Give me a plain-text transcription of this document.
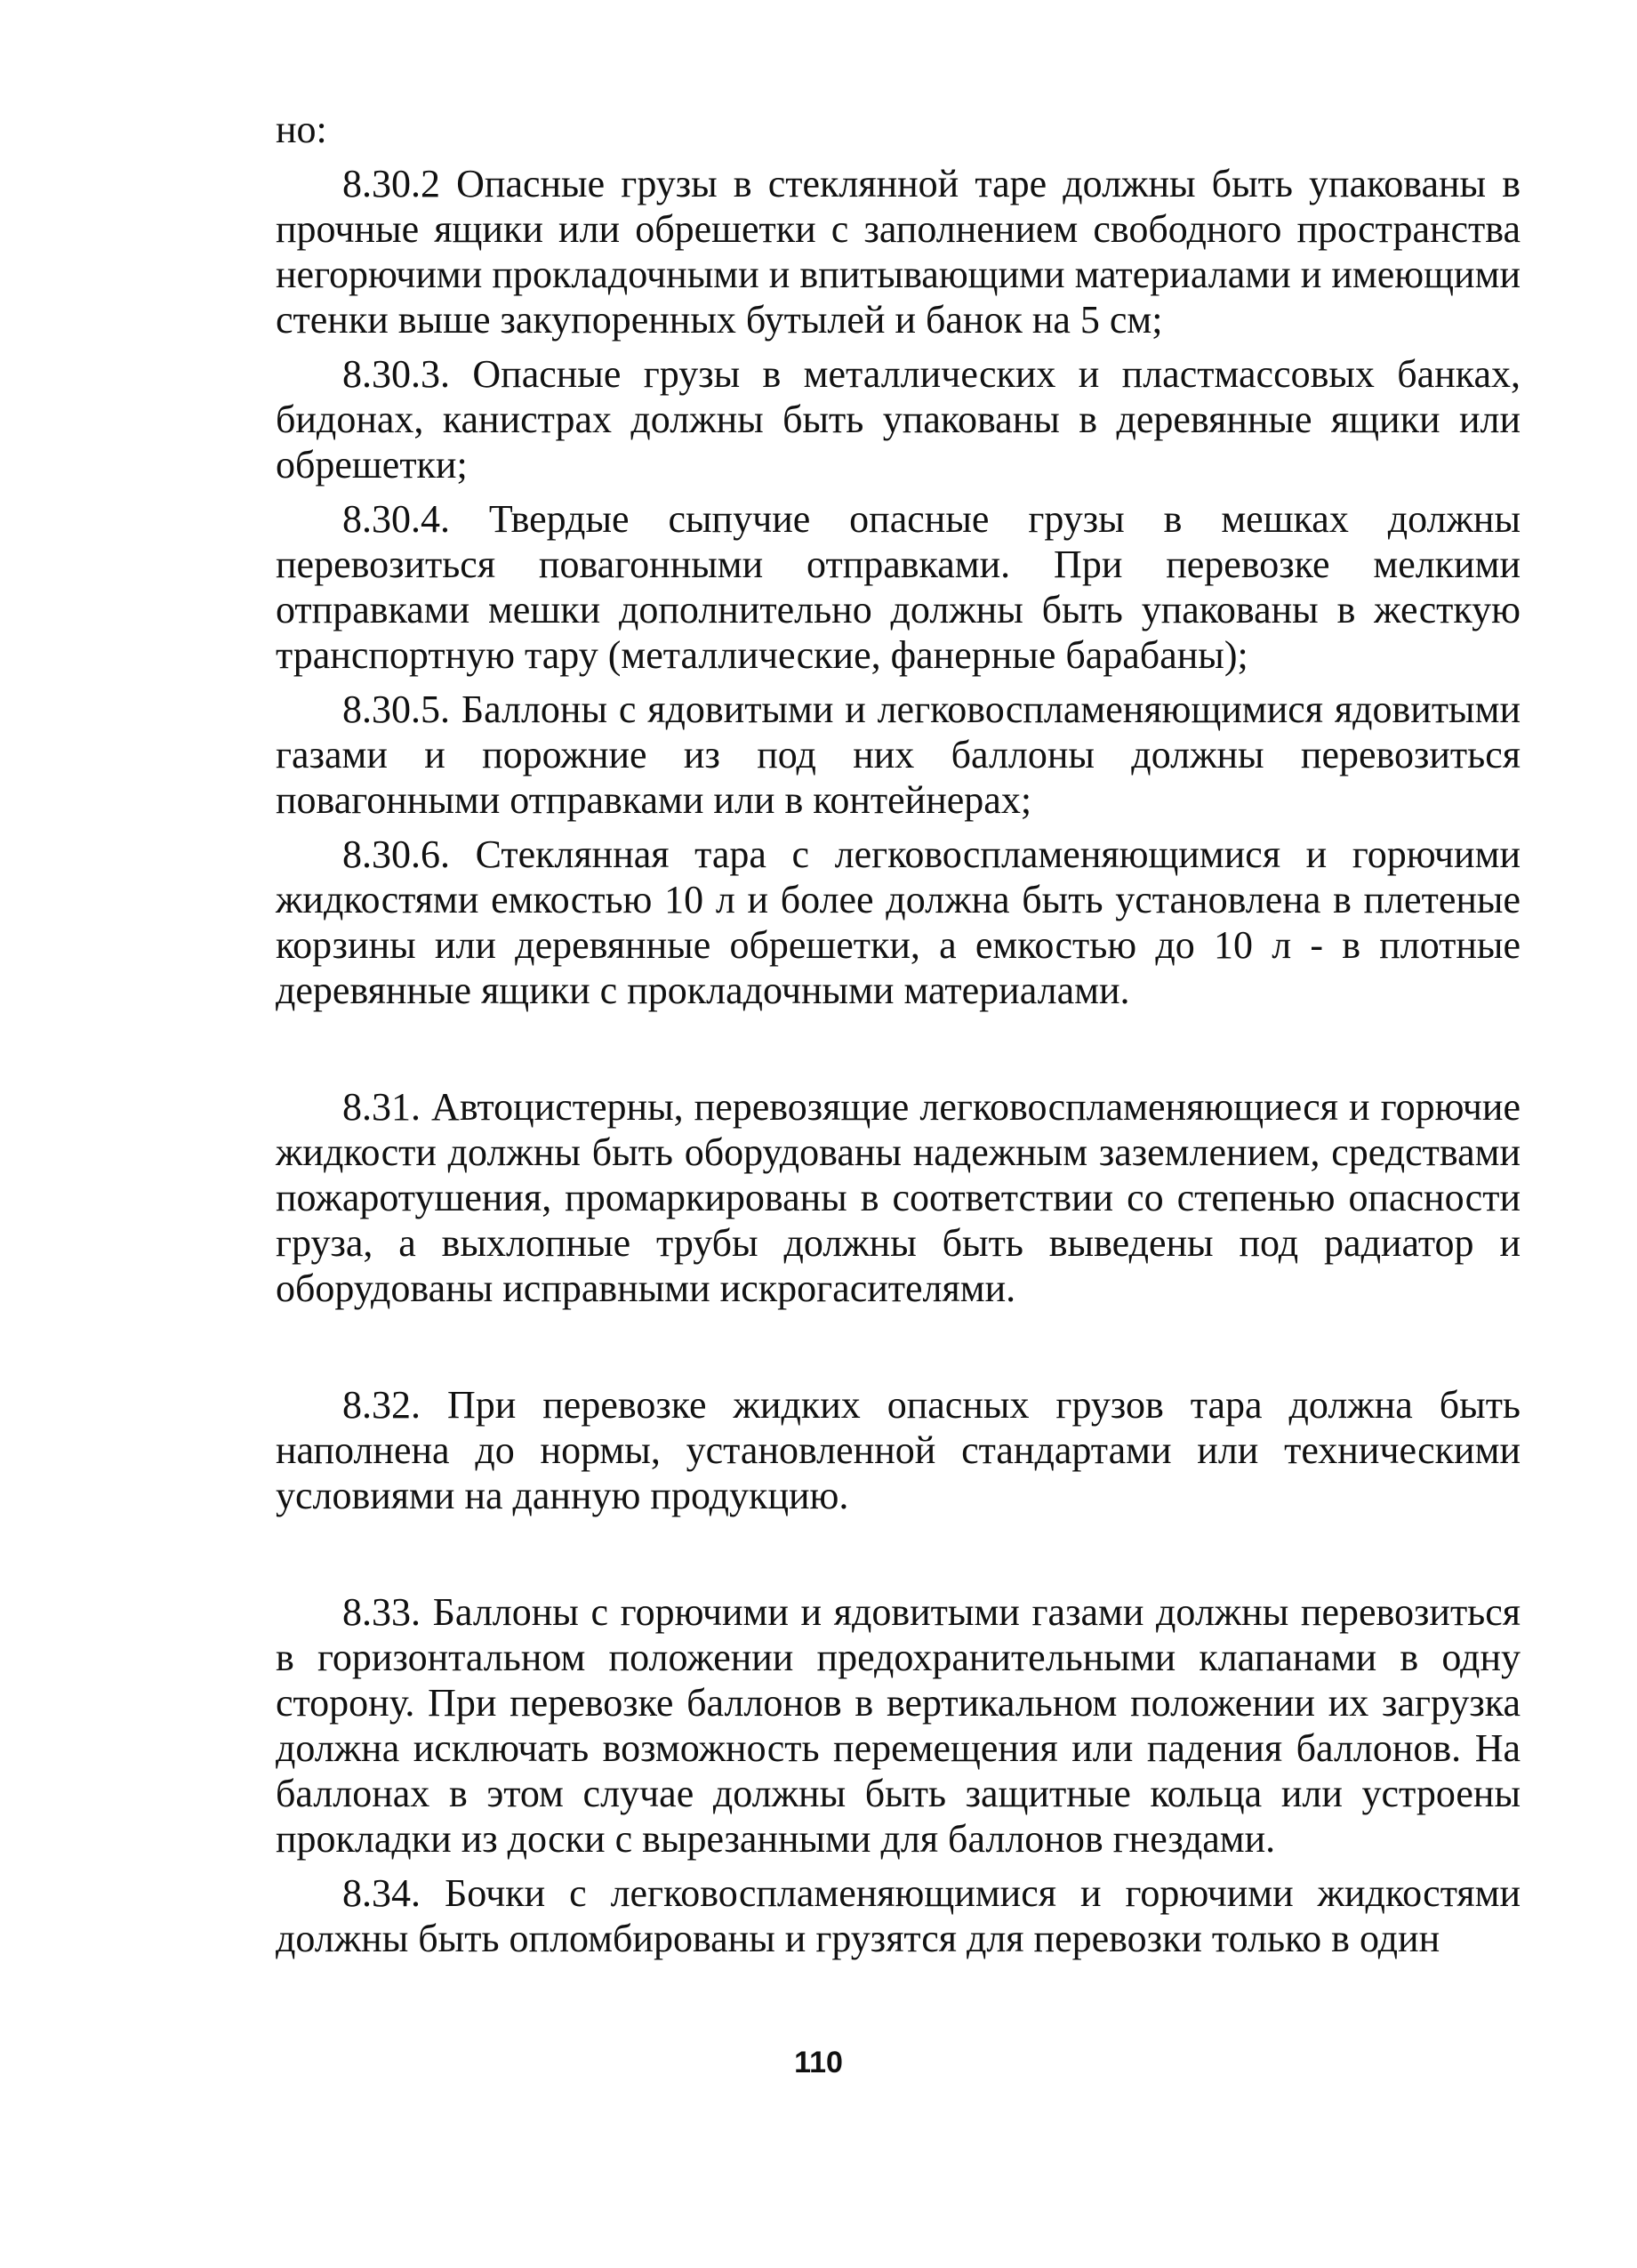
но:

8.30.2 Опасные грузы в стеклянной таре должны быть упакованы в прочные ящики или обрешетки с заполнением свободного пространства негорючими прокладочными и впитывающими материалами и имеющими стенки выше закупоренных бутылей и банок на 5 см;

8.30.3. Опасные грузы в металлических и пластмассовых банках, бидонах, канистрах должны быть упакованы в деревянные ящики или обрешетки;

8.30.4. Твердые сыпучие опасные грузы в мешках должны перевозиться повагонными отправками. При перевозке мелкими отправками мешки дополнительно должны быть упакованы в жесткую транспортную тару (металлические, фанерные барабаны);

8.30.5. Баллоны с ядовитыми и легковоспламеняющимися ядовитыми газами и порожние из под них баллоны должны перевозиться повагонными отправками или в контейнерах;

8.30.6. Стеклянная тара с легковоспламеняющимися и горючими жидкостями емкостью 10 л и более должна быть установлена в плетеные корзины или деревянные обрешетки, а емкостью до 10 л - в плотные деревянные ящики с прокладочными материалами.

8.31. Автоцистерны, перевозящие легковоспламеняющиеся и горючие жидкости должны быть оборудованы надежным заземлением, средствами пожаротушения, промаркированы в соответствии со степенью опасности груза, а выхлопные трубы должны быть выведены под радиатор и оборудованы исправными искрогасителями.

8.32. При перевозке жидких опасных грузов тара должна быть наполнена до нормы, установленной стандартами или техническими условиями на данную продукцию.

8.33. Баллоны с горючими и ядовитыми газами должны перевозиться в горизонтальном положении предохранительными клапанами в одну сторону. При перевозке баллонов в вертикальном положении их загрузка должна исключать возможность перемещения или падения баллонов. На баллонах в этом случае должны быть защитные кольца или устроены прокладки из доски с вырезанными для баллонов гнездами.

8.34. Бочки с легковоспламеняющимися и горючими жидкостями должны быть опломбированы и грузятся для перевозки только в один

110
